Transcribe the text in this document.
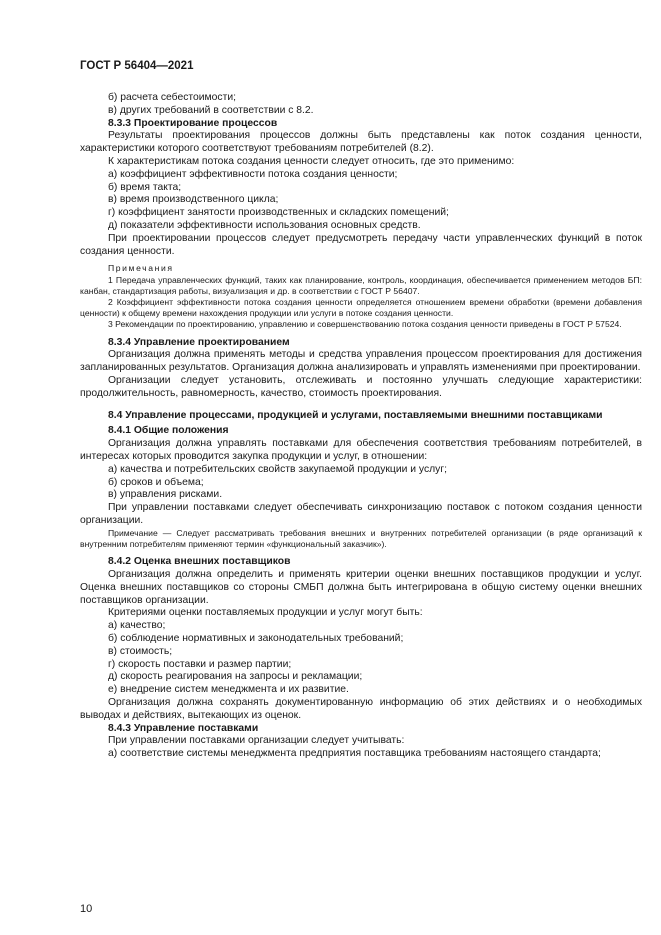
ГОСТ Р 56404—2021
б) расчета себестоимости;
в) других требований в соответствии с 8.2.
8.3.3 Проектирование процессов
Результаты проектирования процессов должны быть представлены как поток создания ценности, характеристики которого соответствуют требованиям потребителей (8.2).
К характеристикам потока создания ценности следует относить, где это применимо:
а) коэффициент эффективности потока создания ценности;
б) время такта;
в) время производственного цикла;
г) коэффициент занятости производственных и складских помещений;
д) показатели эффективности использования основных средств.
При проектировании процессов следует предусмотреть передачу части управленческих функций в поток создания ценности.
Примечания
1 Передача управленческих функций, таких как планирование, контроль, координация, обеспечивается применением методов БП: канбан, стандартизация работы, визуализация и др. в соответствии с ГОСТ Р 56407.
2 Коэффициент эффективности потока создания ценности определяется отношением времени обработки (времени добавления ценности) к общему времени нахождения продукции или услуги в потоке создания ценности.
3 Рекомендации по проектированию, управлению и совершенствованию потока создания ценности приведены в ГОСТ Р 57524.
8.3.4 Управление проектированием
Организация должна применять методы и средства управления процессом проектирования для достижения запланированных результатов. Организация должна анализировать и управлять изменениями при проектировании.
Организации следует установить, отслеживать и постоянно улучшать следующие характеристики: продолжительность, равномерность, качество, стоимость проектирования.
8.4 Управление процессами, продукцией и услугами, поставляемыми внешними поставщиками
8.4.1 Общие положения
Организация должна управлять поставками для обеспечения соответствия требованиям потребителей, в интересах которых проводится закупка продукции и услуг, в отношении:
а) качества и потребительских свойств закупаемой продукции и услуг;
б) сроков и объема;
в) управления рисками.
При управлении поставками следует обеспечивать синхронизацию поставок с потоком создания ценности организации.
Примечание — Следует рассматривать требования внешних и внутренних потребителей организации (в ряде организаций к внутренним потребителям применяют термин «функциональный заказчик»).
8.4.2 Оценка внешних поставщиков
Организация должна определить и применять критерии оценки внешних поставщиков продукции и услуг. Оценка внешних поставщиков со стороны СМБП должна быть интегрирована в общую систему оценки внешних поставщиков организации.
Критериями оценки поставляемых продукции и услуг могут быть:
а) качество;
б) соблюдение нормативных и законодательных требований;
в) стоимость;
г) скорость поставки и размер партии;
д) скорость реагирования на запросы и рекламации;
е) внедрение систем менеджмента и их развитие.
Организация должна сохранять документированную информацию об этих действиях и о необходимых выводах и действиях, вытекающих из оценок.
8.4.3 Управление поставками
При управлении поставками организации следует учитывать:
а) соответствие системы менеджмента предприятия поставщика требованиям настоящего стандарта;
10
